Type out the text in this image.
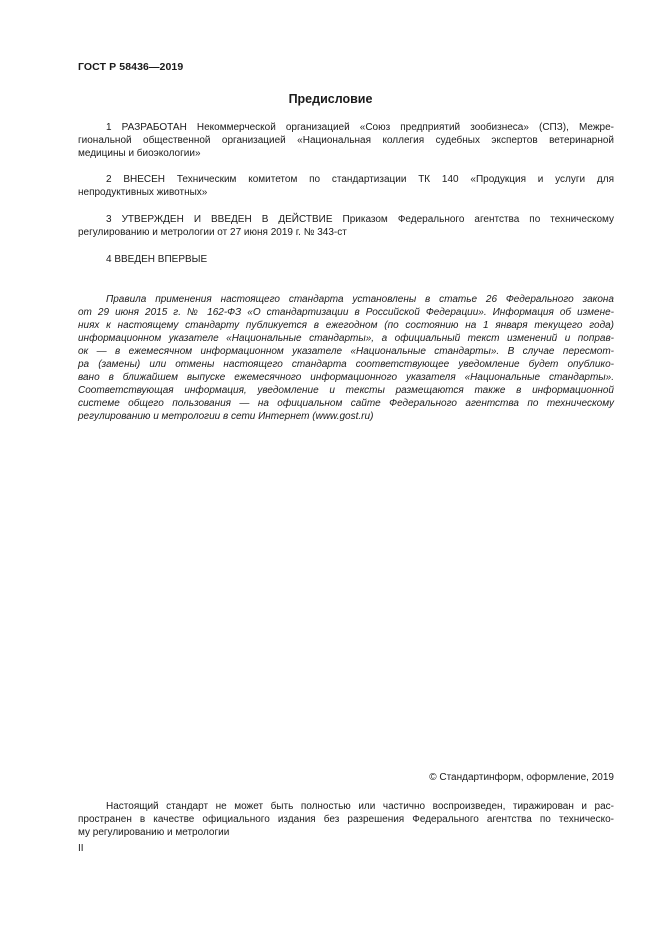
ГОСТ Р 58436—2019
Предисловие

1 РАЗРАБОТАН Некоммерческой организацией «Союз предприятий зообизнеса» (СПЗ), Межре-
гиональной общественной организацией «Национальная коллегия судебных экспертов ветеринарной
медицины и биоэкологии»

2 ВНЕСЕН Техническим комитетом по стандартизации ТК 140 «Продукция и услуги для
непродуктивных животных»

3 УТВЕРЖДЕН И ВВЕДЕН В ДЕЙСТВИЕ Приказом Федерального агентства по техническому
регулированию и метрологии от 27 июня 2019 г. № 343-ст

4 ВВЕДЕН ВПЕРВЫЕ

Правила применения настоящего стандарта установлены в статье 26 Федерального закона
от 29 июня 2015 г. № 162-ФЗ «О стандартизации в Российской Федерации». Информация об измене-
ниях к настоящему стандарту публикуется в ежегодном (по состоянию на 1 января текущего года)
информационном указателе «Национальные стандарты», а официальный текст изменений и поправ-
ок — в ежемесячном информационном указателе «Национальные стандарты». В случае пересмот-
ра (замены) или отмены настоящего стандарта соответствующее уведомление будет опублико-
вано в ближайшем выпуске ежемесячного информационного указателя «Национальные стандарты».
Соответствующая информация, уведомление и тексты размещаются также в информационной
системе общего пользования — на официальном сайте Федерального агентства по техническому
регулированию и метрологии в сети Интернет (www.gost.ru)

© Стандартинформ, оформление, 2019

Настоящий стандарт не может быть полностью или частично воспроизведен, тиражирован и рас-
пространен в качестве официального издания без разрешения Федерального агентства по техническо-
му регулированию и метрологии

II
